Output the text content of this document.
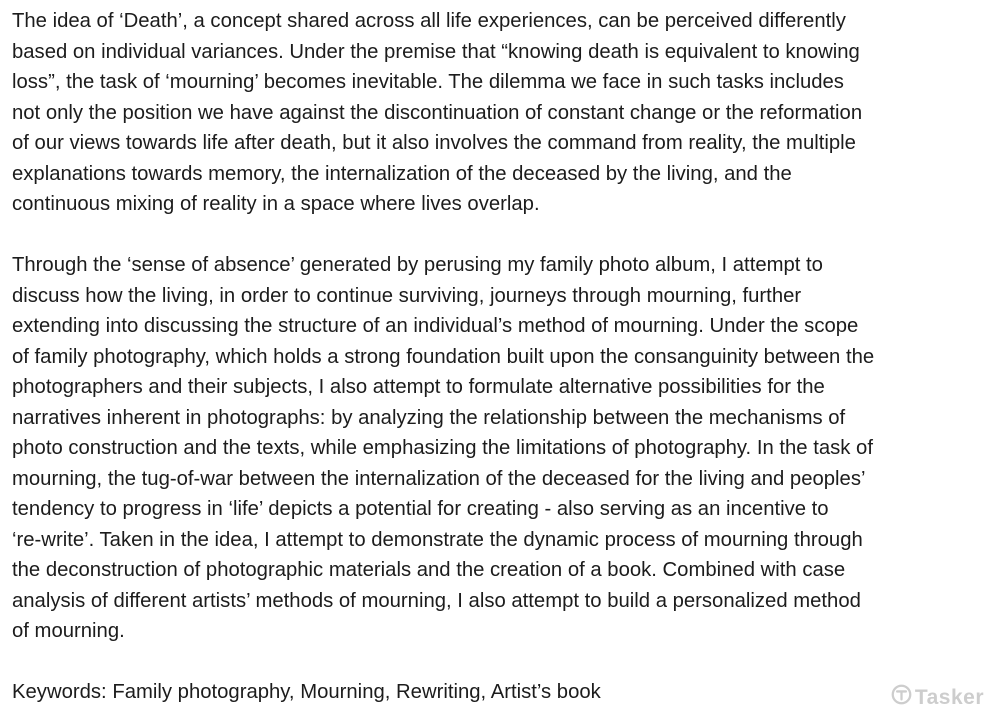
The idea of ‘Death’, a concept shared across all life experiences, can be perceived differently
based on individual variances. Under the premise that “knowing death is equivalent to knowing
loss”, the task of ‘mourning’ becomes inevitable. The dilemma we face in such tasks includes
not only the position we have against the discontinuation of constant change or the reformation
of our views towards life after death, but it also involves the command from reality, the multiple
explanations towards memory, the internalization of the deceased by the living, and the
continuous mixing of reality in a space where lives overlap.

Through the ‘sense of absence’ generated by perusing my family photo album, I attempt to
discuss how the living, in order to continue surviving, journeys through mourning, further
extending into discussing the structure of an individual’s method of mourning. Under the scope
of family photography, which holds a strong foundation built upon the consanguinity between the
photographers and their subjects, I also attempt to formulate alternative possibilities for the
narratives inherent in photographs: by analyzing the relationship between the mechanisms of
photo construction and the texts, while emphasizing the limitations of photography. In the task of
mourning, the tug-of-war between the internalization of the deceased for the living and peoples’
tendency to progress in ‘life’ depicts a potential for creating - also serving as an incentive to
‘re-write’. Taken in the idea, I attempt to demonstrate the dynamic process of mourning through
the deconstruction of photographic materials and the creation of a book. Combined with case
analysis of different artists’ methods of mourning, I also attempt to build a personalized method
of mourning.

Keywords: Family photography, Mourning, Rewriting, Artist’s book	Tasker
